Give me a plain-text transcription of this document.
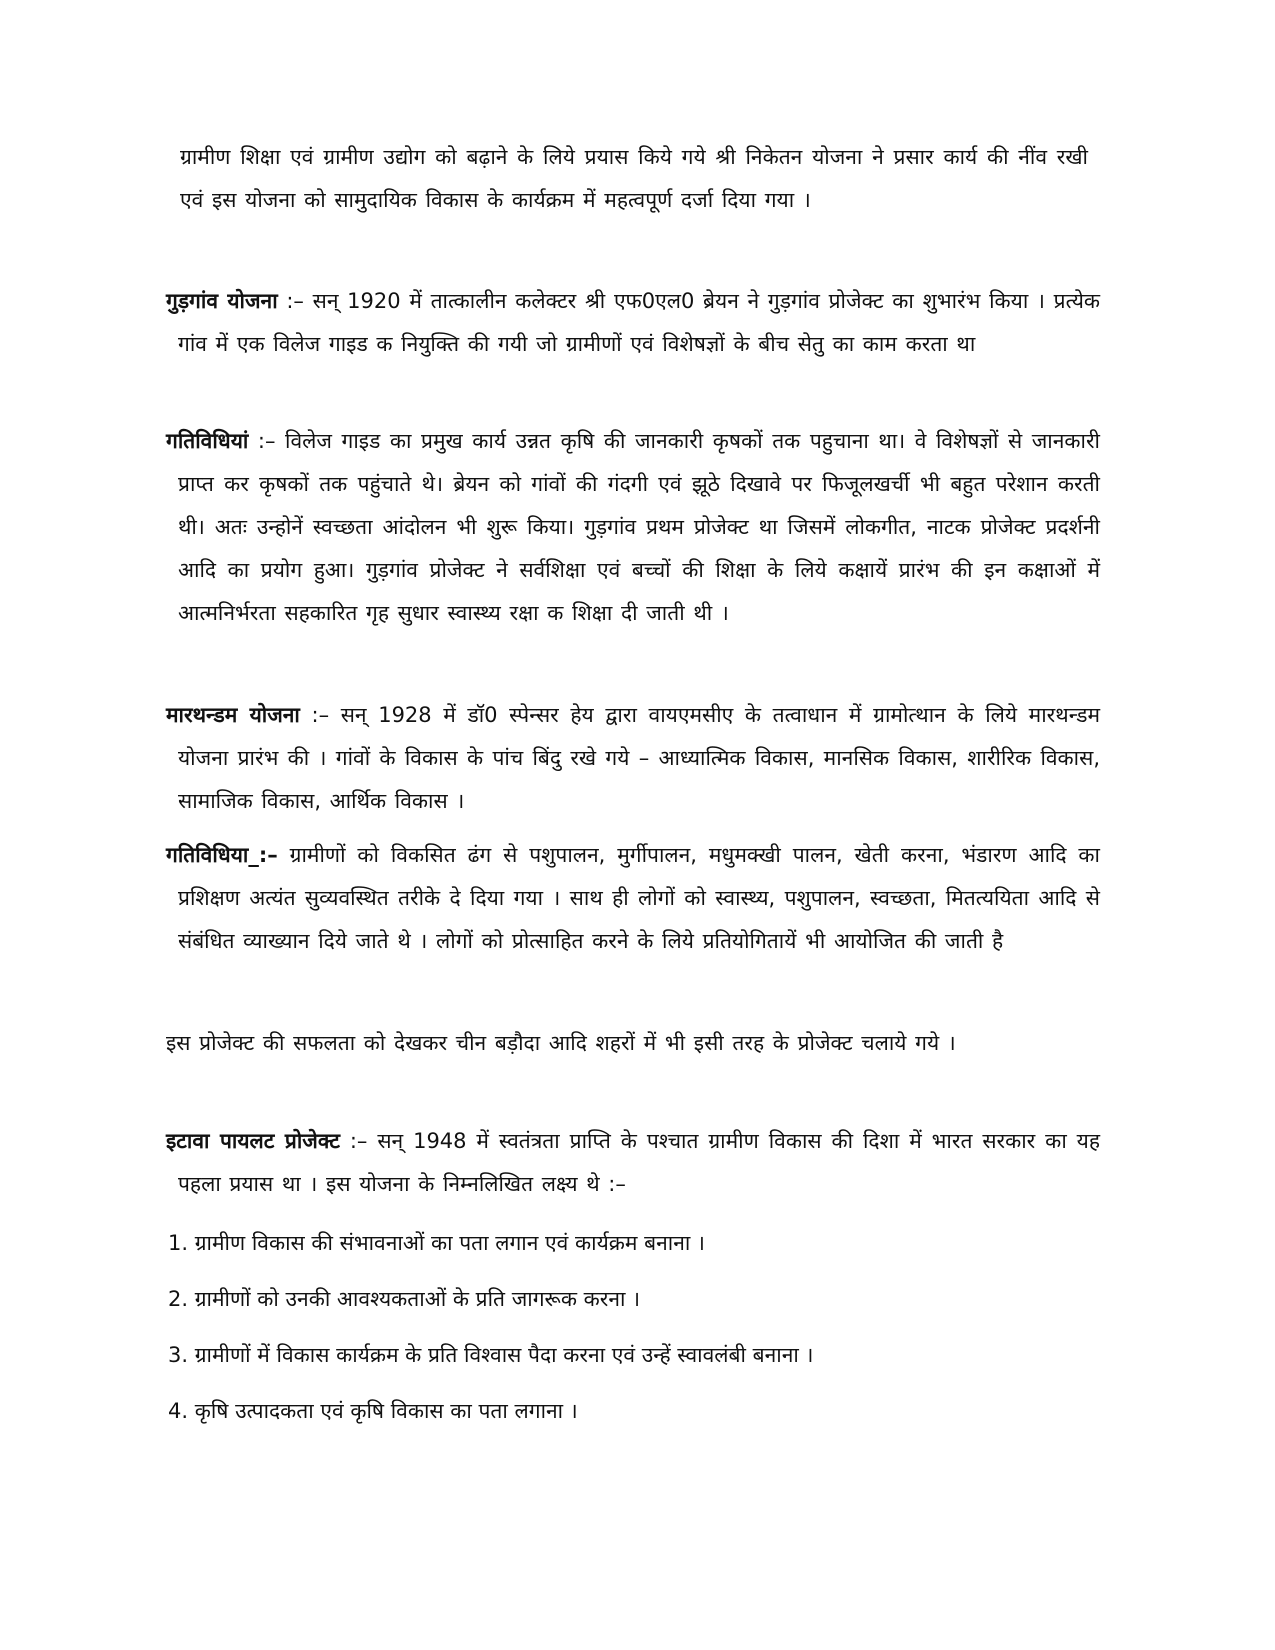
ग्रामीण शिक्षा एवं ग्रामीण उद्योग को बढ़ाने के लिये प्रयास किये गये श्री निकेतन योजना ने प्रसार कार्य की नींव रखी एवं इस योजना को सामुदायिक विकास के कार्यक्रम में महत्वपूर्ण दर्जा दिया गया ।

गुड़गांव योजना :– सन् 1920 में तात्कालीन कलेक्टर श्री एफ0एल0 ब्रेयन ने गुड़गांव प्रोजेक्ट का शुभारंभ किया । प्रत्येक गांव में एक विलेज गाइड क नियुक्ति की गयी जो ग्रामीणों एवं विशेषज्ञों के बीच सेतु का काम करता था

गतिविधियां :– विलेज गाइड का प्रमुख कार्य उन्नत कृषि की जानकारी कृषकों तक पहुचाना था। वे विशेषज्ञों से जानकारी प्राप्त कर कृषकों तक पहुंचाते थे। ब्रेयन को गांवों की गंदगी एवं झूठे दिखावे पर फिजूलखर्ची भी बहुत परेशान करती थी। अतः उन्होनें स्वच्छता आंदोलन भी शुरू किया। गुड़गांव प्रथम प्रोजेक्ट था जिसमें लोकगीत, नाटक प्रोजेक्ट प्रदर्शनी आदि का प्रयोग हुआ। गुड़गांव प्रोजेक्ट ने सर्वशिक्षा एवं बच्चों की शिक्षा के लिये कक्षायें प्रारंभ की इन कक्षाओं में आत्मनिर्भरता सहकारित गृह सुधार स्वास्थ्य रक्षा क शिक्षा दी जाती थी ।

मारथन्डम योजना :– सन् 1928 में डॉ0 स्पेन्सर हेय द्वारा वायएमसीए के तत्वाधान में ग्रामोत्थान के लिये मारथन्डम योजना प्रारंभ की । गांवों के विकास के पांच बिंदु रखे गये – आध्यात्मिक विकास, मानसिक विकास, शारीरिक विकास, सामाजिक विकास, आर्थिक विकास ।

गतिविधिया_:– ग्रामीणों को विकसित ढंग से पशुपालन, मुर्गीपालन, मधुमक्खी पालन, खेती करना, भंडारण आदि का प्रशिक्षण अत्यंत सुव्यवस्थित तरीके दे दिया गया । साथ ही लोगों को स्वास्थ्य, पशुपालन, स्वच्छता, मितत्ययिता आदि से संबंधित व्याख्यान दिये जाते थे । लोगों को प्रोत्साहित करने के लिये प्रतियोगितायें भी आयोजित की जाती है

इस प्रोजेक्ट की सफलता को देखकर चीन बड़ौदा आदि शहरों में भी इसी तरह के प्रोजेक्ट चलाये गये ।

इटावा पायलट प्रोजेक्ट :– सन् 1948 में स्वतंत्रता प्राप्ति के पश्चात ग्रामीण विकास की दिशा में भारत सरकार का यह पहला प्रयास था । इस योजना के निम्नलिखित लक्ष्य थे :–

1. ग्रामीण विकास की संभावनाओं का पता लगान एवं कार्यक्रम बनाना ।

2. ग्रामीणों को उनकी आवश्यकताओं के प्रति जागरूक करना ।

3. ग्रामीणों में विकास कार्यक्रम के प्रति विश्वास पैदा करना एवं उन्हें स्वावलंबी बनाना ।

4. कृषि उत्पादकता एवं कृषि विकास का पता लगाना ।
